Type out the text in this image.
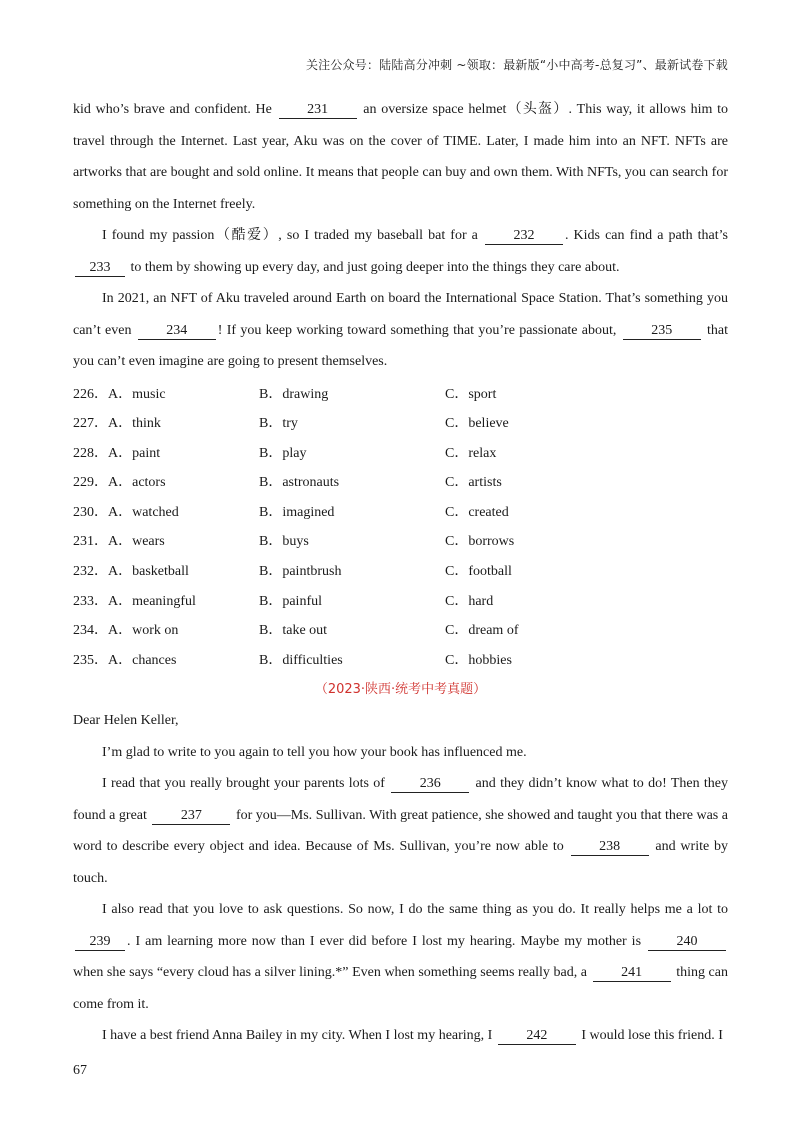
关注公众号：陆陆高分冲刺 ~领取：最新版“小中高考-总复习”、最新试卷下载

kid who’s brave and confident. He 231 an oversize space helmet（头盔）. This way, it allows him to travel through the Internet. Last year, Aku was on the cover of TIME. Later, I made him into an NFT. NFTs are artworks that are bought and sold online. It means that people can buy and own them. With NFTs, you can search for something on the Internet freely.

I found my passion（酷爱）, so I traded my baseball bat for a 232 . Kids can find a path that’s 233 to them by showing up every day, and just going deeper into the things they care about.

In 2021, an NFT of Aku traveled around Earth on board the International Space Station. That’s something you can’t even 234 ! If you keep working toward something that you’re passionate about, 235 that you can’t even imagine are going to present themselves.

226．A．music	B．drawing	C．sport
227．A．think	B．try	C．believe
228．A．paint	B．play	C．relax
229．A．actors	B．astronauts	C．artists
230．A．watched	B．imagined	C．created
231．A．wears	B．buys	C．borrows
232．A．basketball	B．paintbrush	C．football
233．A．meaningful	B．painful	C．hard
234．A．work on	B．take out	C．dream of
235．A．chances	B．difficulties	C．hobbies

（2023·陕西·统考中考真题）

Dear Helen Keller,

I’m glad to write to you again to tell you how your book has influenced me.

I read that you really brought your parents lots of 236 and they didn’t know what to do! Then they found a great 237 for you—Ms. Sullivan. With great patience, she showed and taught you that there was a word to describe every object and idea. Because of Ms. Sullivan, you’re now able to 238 and write by touch.

I also read that you love to ask questions. So now, I do the same thing as you do. It really helps me a lot to 239 . I am learning more now than I ever did before I lost my hearing. Maybe my mother is 240 when she says “every cloud has a silver lining.*” Even when something seems really bad, a 241 thing can come from it.

I have a best friend Anna Bailey in my city. When I lost my hearing, I 242 I would lose this friend. I

67
